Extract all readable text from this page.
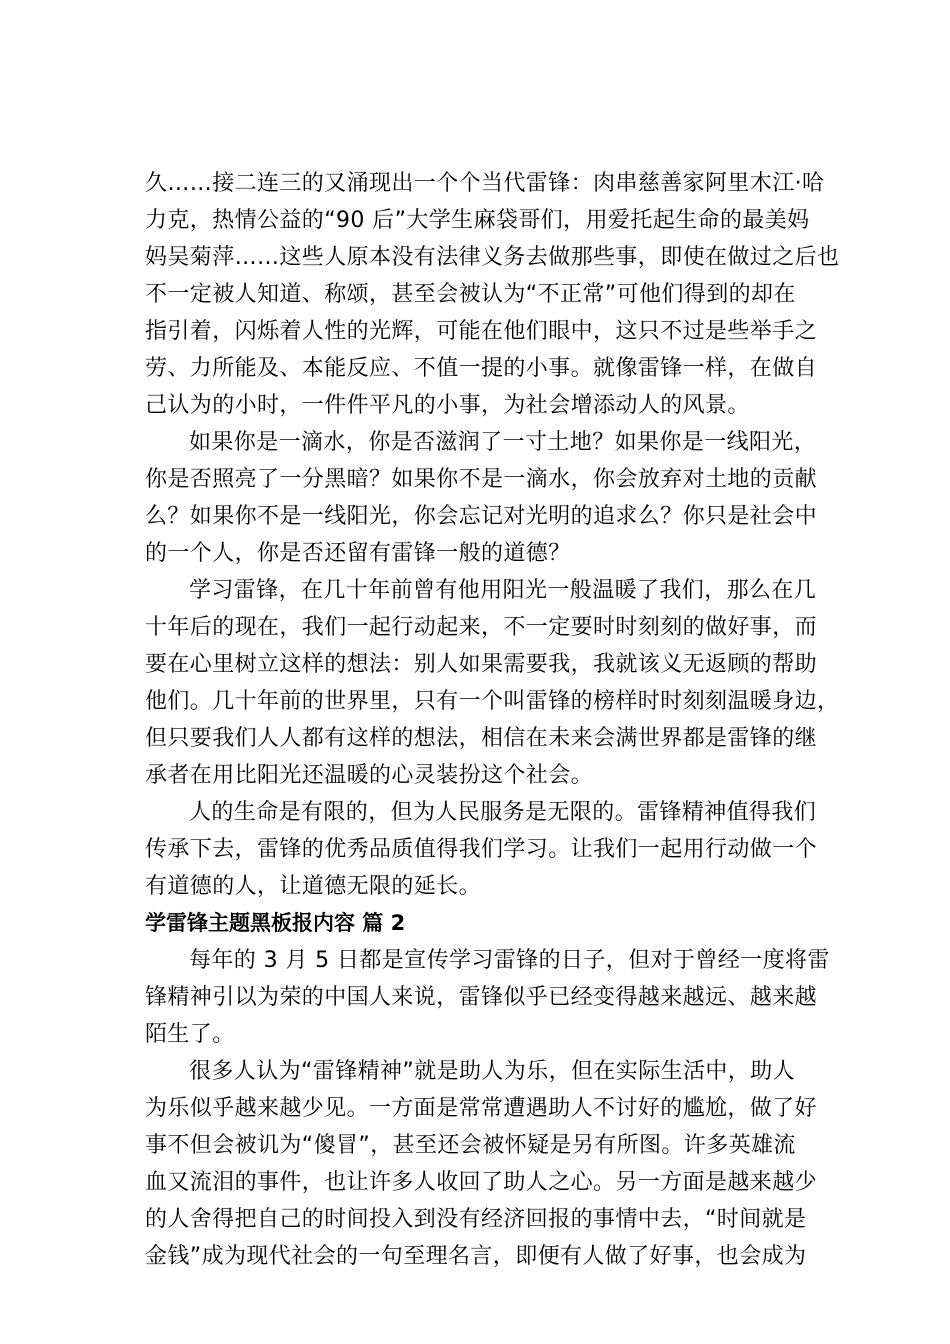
久……接二连三的又涌现出一个个当代雷锋：肉串慈善家阿里木江·哈
力克，热情公益的“90 后”大学生麻袋哥们，用爱托起生命的最美妈
妈吴菊萍……这些人原本没有法律义务去做那些事，即使在做过之后也
不一定被人知道、称颂，甚至会被认为“不正常”可他们得到的却在
指引着，闪烁着人性的光辉，可能在他们眼中，这只不过是些举手之
劳、力所能及、本能反应、不值一提的小事。就像雷锋一样，在做自
己认为的小时，一件件平凡的小事，为社会增添动人的风景。
如果你是一滴水，你是否滋润了一寸土地？如果你是一线阳光，
你是否照亮了一分黑暗？如果你不是一滴水，你会放弃对土地的贡献
么？如果你不是一线阳光，你会忘记对光明的追求么？你只是社会中
的一个人，你是否还留有雷锋一般的道德？
学习雷锋，在几十年前曾有他用阳光一般温暖了我们，那么在几
十年后的现在，我们一起行动起来，不一定要时时刻刻的做好事，而
要在心里树立这样的想法：别人如果需要我，我就该义无返顾的帮助
他们。几十年前的世界里，只有一个叫雷锋的榜样时时刻刻温暖身边，
但只要我们人人都有这样的想法，相信在未来会满世界都是雷锋的继
承者在用比阳光还温暖的心灵装扮这个社会。
人的生命是有限的，但为人民服务是无限的。雷锋精神值得我们
传承下去，雷锋的优秀品质值得我们学习。让我们一起用行动做一个
有道德的人，让道德无限的延长。
学雷锋主题黑板报内容 篇 2
每年的 3 月 5 日都是宣传学习雷锋的日子，但对于曾经一度将雷
锋精神引以为荣的中国人来说，雷锋似乎已经变得越来越远、越来越
陌生了。
很多人认为“雷锋精神”就是助人为乐，但在实际生活中，助人
为乐似乎越来越少见。一方面是常常遭遇助人不讨好的尴尬，做了好
事不但会被讥为“傻冒”，甚至还会被怀疑是另有所图。许多英雄流
血又流泪的事件，也让许多人收回了助人之心。另一方面是越来越少
的人舍得把自己的时间投入到没有经济回报的事情中去，“时间就是
金钱”成为现代社会的一句至理名言，即便有人做了好事，也会成为
